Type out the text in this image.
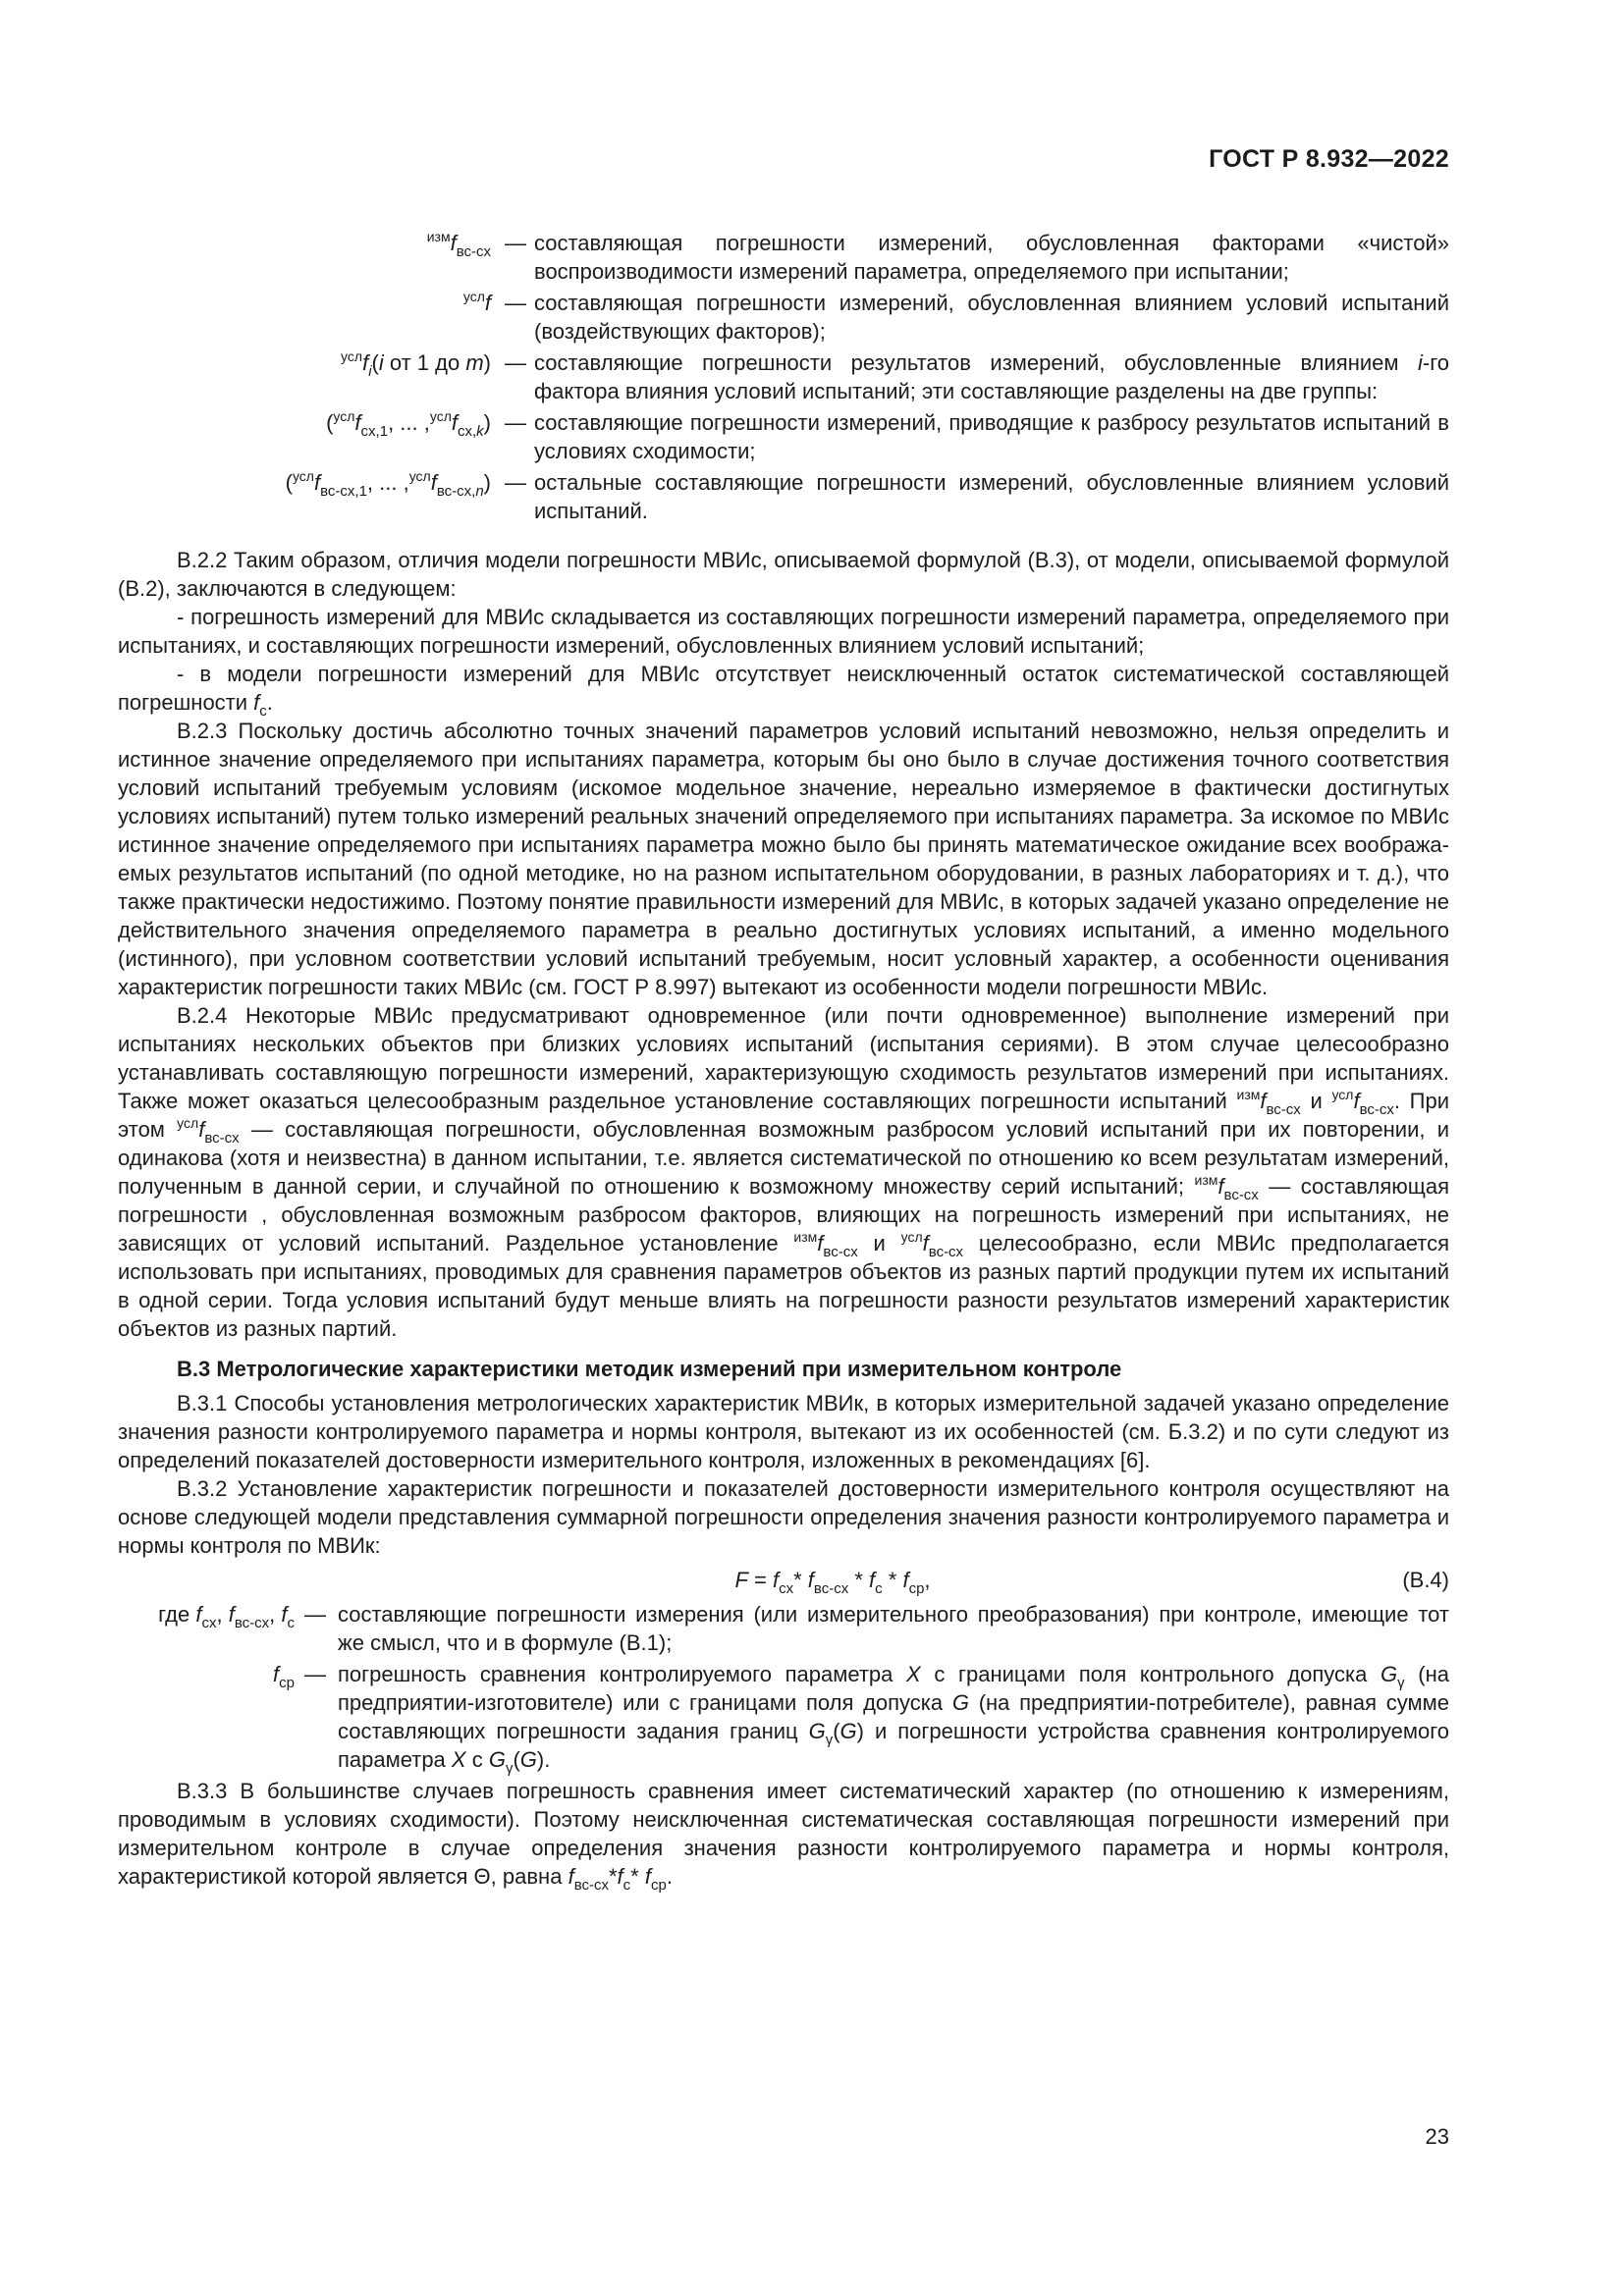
ГОСТ Р 8.932—2022
$^{изм}f_{вс-сх}$ — составляющая погрешности измерений, обусловленная факторами «чистой» воспроизводимости измерений параметра, определяемого при испытании;
$^{усл}$f — составляющая погрешности измерений, обусловленная влиянием условий испытаний (воздействующих факторов);
$^{усл}f_i(i$ от 1 до m) — составляющие погрешности результатов измерений, обусловленные влиянием i-го фактора влияния условий испытаний; эти составляющие разделены на две группы:
($^{усл}f_{сх,1}$, ... $,^{усл}f_{сх,k}$) — составляющие погрешности измерений, приводящие к разбросу результатов испытаний в условиях сходимости;
($^{усл}f_{вс-сх,1}$, ... $,^{усл}f_{вс-сх,n}$) — остальные составляющие погрешности измерений, обусловленные влиянием условий испытаний.

В.2.2 Таким образом, отличия модели погрешности МВИс, описываемой формулой (В.3), от модели, описываемой формулой (В.2), заключаются в следующем:

- погрешность измерений для МВИс складывается из составляющих погрешности измерений параметра, определяемого при испытаниях, и составляющих погрешности измерений, обусловленных влиянием условий испытаний;

- в модели погрешности измерений для МВИс отсутствует неисключенный остаток систематической составляющей погрешности $f_с$.

В.2.3 Поскольку достичь абсолютно точных значений параметров условий испытаний невозможно, нельзя определить и истинное значение определяемого при испытаниях параметра, которым бы оно было в случае достижения точного соответствия условий испытаний требуемым условиям (искомое модельное значение, нереально измеряемое в фактически достигнутых условиях испытаний) путем только измерений реальных значений определяемого при испытаниях параметра. За искомое по МВИс истинное значение определяемого при испытаниях параметра можно было бы принять математическое ожидание всех воображаемых результатов испытаний (по одной методике, но на разном испытательном оборудовании, в разных лабораториях и т. д.), что также практически недостижимо. Поэтому понятие правильности измерений для МВИс, в которых задачей указано определение не действительного значения определяемого параметра в реально достигнутых условиях испытаний, а именно модельного (истинного), при условном соответствии условий испытаний требуемым, носит условный характер, а особенности оценивания характеристик погрешности таких МВИс (см. ГОСТ Р 8.997) вытекают из особенности модели погрешности МВИс.

В.2.4 Некоторые МВИс предусматривают одновременное (или почти одновременное) выполнение измерений при испытаниях нескольких объектов при близких условиях испытаний (испытания сериями). В этом случае целесообразно устанавливать составляющую погрешности измерений, характеризующую сходимость результатов измерений при испытаниях. Также может оказаться целесообразным раздельное установление составляющих погрешности испытаний $^{изм}f_{вс-сх}$ и $^{усл}f_{вс-сх}$. При этом $^{усл}f_{вс-сх}$ — составляющая погрешности, обусловленная возможным разбросом условий испытаний при их повторении, и одинакова (хотя и неизвестна) в данном испытании, т.е. является систематической по отношению ко всем результатам измерений, полученным в данной серии, и случайной по отношению к возможному множеству серий испытаний; $^{изм}f_{вс-сх}$ — составляющая погрешности , обусловленная возможным разбросом факторов, влияющих на погрешность измерений при испытаниях, не зависящих от условий испытаний. Раздельное установление $^{изм}f_{вс-сх}$ и $^{усл}f_{вс-сх}$ целесообразно, если МВИс предполагается использовать при испытаниях, проводимых для сравнения параметров объектов из разных партий продукции путем их испытаний в одной серии. Тогда условия испытаний будут меньше влиять на погрешности разности результатов измерений характеристик объектов из разных партий.

В.3 Метрологические характеристики методик измерений при измерительном контроле

В.3.1 Способы установления метрологических характеристик МВИк, в которых измерительной задачей указано определение значения разности контролируемого параметра и нормы контроля, вытекают из их особенностей (см. Б.3.2) и по сути следуют из определений показателей достоверности измерительного контроля, изложенных в рекомендациях [6].

В.3.2 Установление характеристик погрешности и показателей достоверности измерительного контроля осуществляют на основе следующей модели представления суммарной погрешности определения значения разности контролируемого параметра и нормы контроля по МВИк:

$F = f_{сх}*$ $f_{вс-сх} * f_с * f_{ср}$,	(В.4)
где $f_{сх}$, $f_{вс-сх}$, $f_с$ — составляющие погрешности измерения (или измерительного преобразования) при контроле, имеющие тот же смысл, что и в формуле (В.1);
$f_{ср}$ — погрешность сравнения контролируемого параметра X с границами поля контрольного допуска $G_\gamma$ (на предприятии-изготовителе) или с границами поля допуска G (на предприятии-потребителе), равная сумме составляющих погрешности задания границ $G_\gamma(G)$ и погрешности устройства сравнения контролируемого параметра X с $G_\gamma(G)$.

В.3.3 В большинстве случаев погрешность сравнения имеет систематический характер (по отношению к измерениям, проводимым в условиях сходимости). Поэтому неисключенная систематическая составляющая погрешности измерений при измерительном контроле в случае определения значения разности контролируемого параметра и нормы контроля, характеристикой которой является Θ, равна $f_{вс-сх}*f_с*$ $f_{ср}$.

23
